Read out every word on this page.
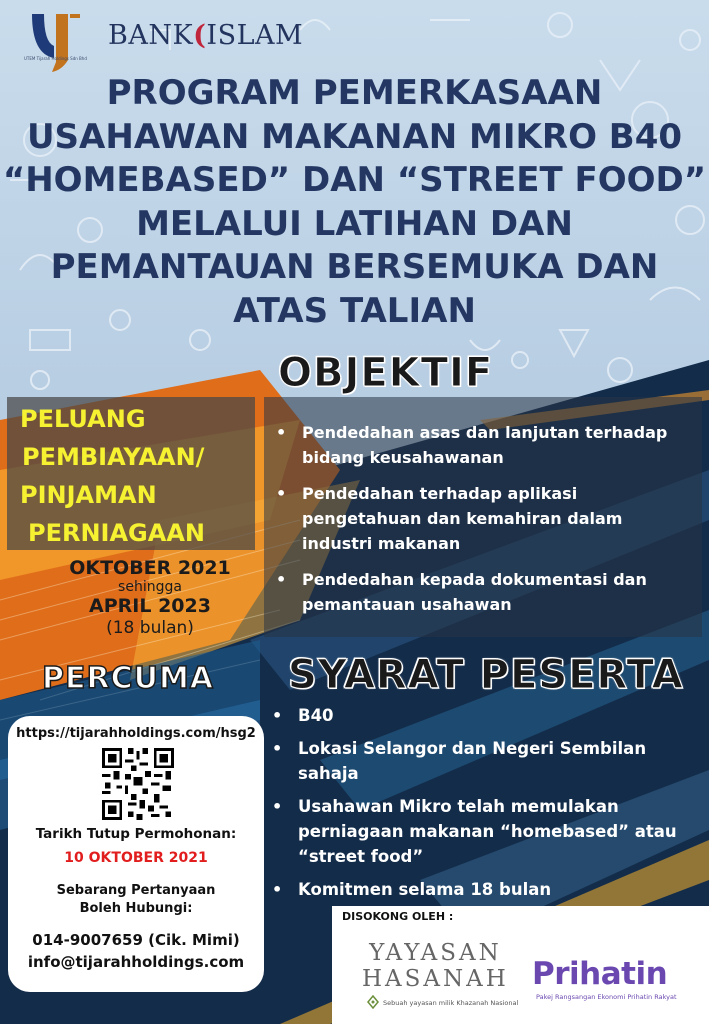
UTEM Tijarah Holdings Sdn Bhd
BANK(ISLAM
PROGRAM PEMERKASAAN
USAHAWAN MAKANAN MIKRO B40
“HOMEBASED” DAN “STREET FOOD”
MELALUI LATIHAN DAN
PEMANTAUAN BERSEMUKA DAN
ATAS TALIAN
OBJEKTIF
PELUANG
PEMBIAYAAN/
PINJAMAN
PERNIAGAAN
• Pendedahan asas dan lanjutan terhadap bidang keusahawanan
• Pendedahan terhadap aplikasi pengetahuan dan kemahiran dalam industri makanan
• Pendedahan kepada dokumentasi dan pemantauan usahawan
OKTOBER 2021
sehingga
APRIL 2023
(18 bulan)
PERCUMA SYARAT PESERTA
• B40
• Lokasi Selangor dan Negeri Sembilan sahaja
• Usahawan Mikro telah memulakan perniagaan makanan “homebased” atau “street food”
• Komitmen selama 18 bulan
https://tijarahholdings.com/hsg2
Tarikh Tutup Permohonan:
10 OKTOBER 2021
Sebarang Pertanyaan
Boleh Hubungi:
014-9007659 (Cik. Mimi)
info@tijarahholdings.com
DISOKONG OLEH :
YAYASAN
HASANAH
Sebuah yayasan milik Khazanah Nasional
Prihatin
Pakej Rangsangan Ekonomi Prihatin Rakyat
